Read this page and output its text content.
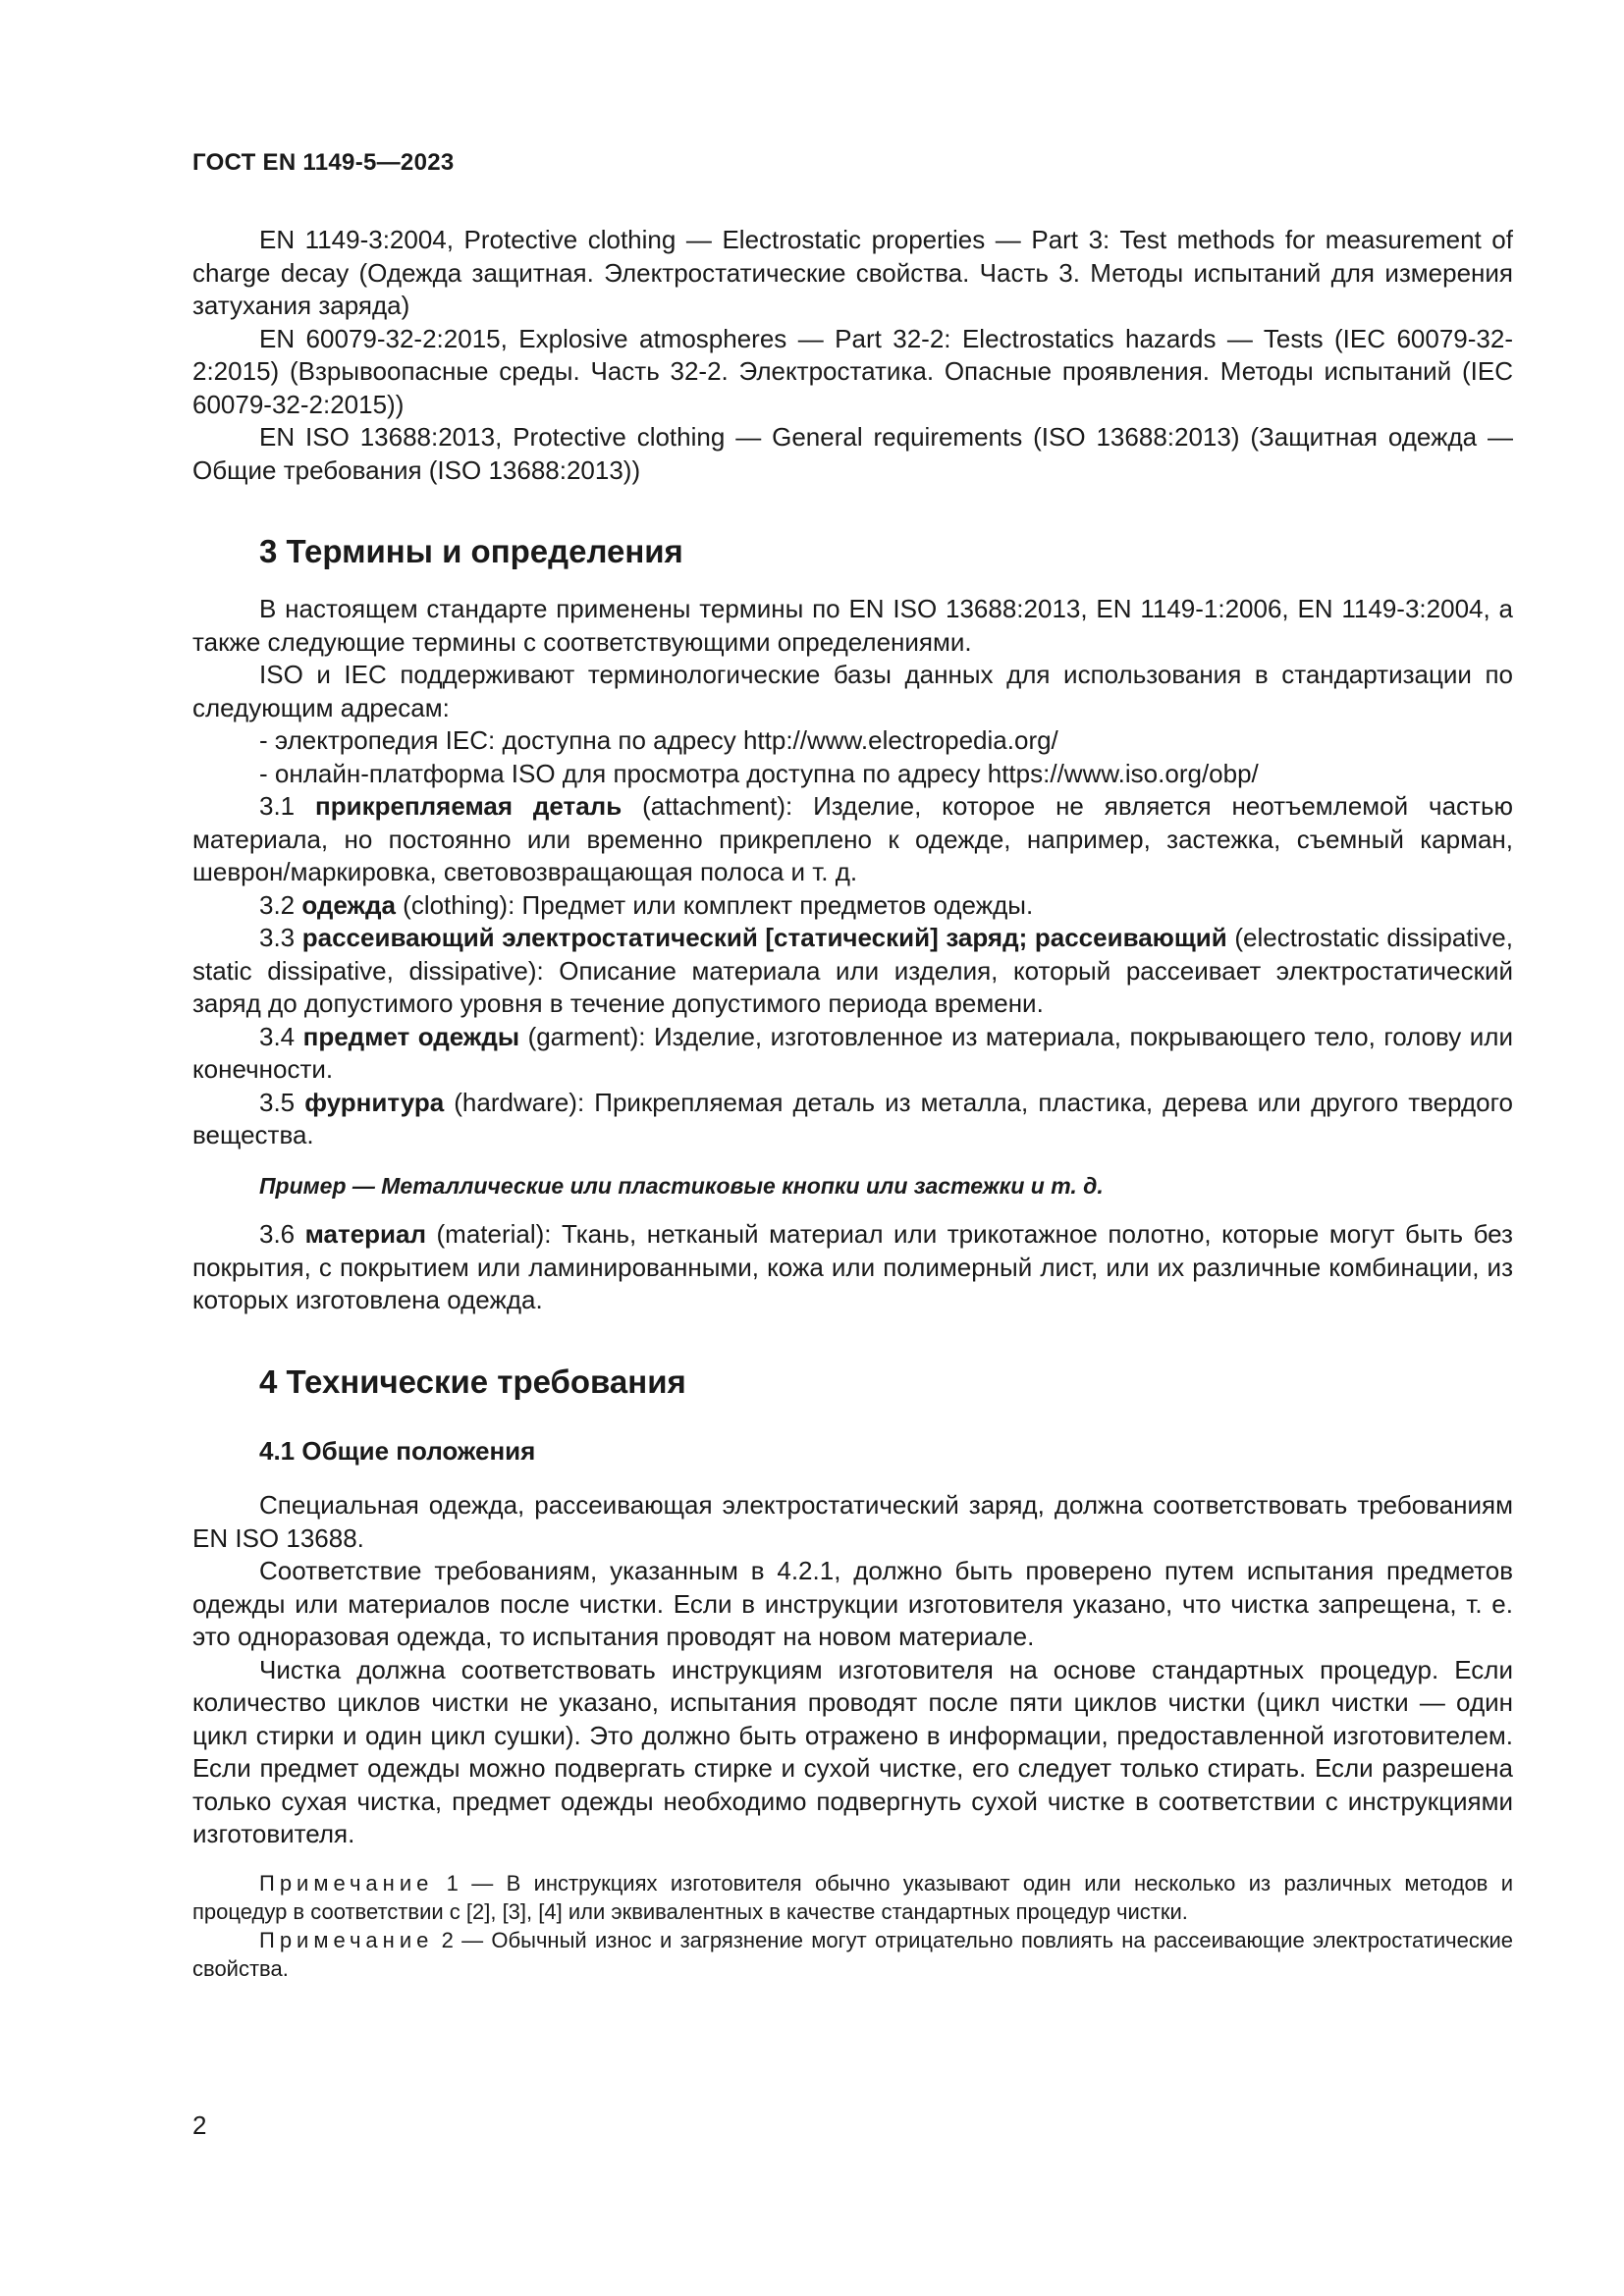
ГОСТ EN 1149-5—2023

EN 1149-3:2004, Protective clothing — Electrostatic properties — Part 3: Test methods for measurement of charge decay (Одежда защитная. Электростатические свойства. Часть 3. Методы испытаний для измерения затухания заряда)

EN 60079-32-2:2015, Explosive atmospheres — Part 32-2: Electrostatics hazards — Tests (IEC 60079-32-2:2015) (Взрывоопасные среды. Часть 32-2. Электростатика. Опасные проявления. Методы испытаний (IEC 60079-32-2:2015))

EN ISO 13688:2013, Protective clothing — General requirements (ISO 13688:2013) (Защитная одежда — Общие требования (ISO 13688:2013))

3 Термины и определения

В настоящем стандарте применены термины по EN ISO 13688:2013, EN 1149-1:2006, EN 1149-3:2004, а также следующие термины с соответствующими определениями.

ISO и IEC поддерживают терминологические базы данных для использования в стандартизации по следующим адресам:

- электропедия IEC: доступна по адресу http://www.electropedia.org/

- онлайн-платформа ISO для просмотра доступна по адресу https://www.iso.org/obp/

3.1 прикрепляемая деталь (attachment): Изделие, которое не является неотъемлемой частью материала, но постоянно или временно прикреплено к одежде, например, застежка, съемный карман, шеврон/маркировка, световозвращающая полоса и т. д.

3.2 одежда (clothing): Предмет или комплект предметов одежды.

3.3 рассеивающий электростатический [статический] заряд; рассеивающий (electrostatic dissipative, static dissipative, dissipative): Описание материала или изделия, который рассеивает электростатический заряд до допустимого уровня в течение допустимого периода времени.

3.4 предмет одежды (garment): Изделие, изготовленное из материала, покрывающего тело, голову или конечности.

3.5 фурнитура (hardware): Прикрепляемая деталь из металла, пластика, дерева или другого твердого вещества.

Пример — Металлические или пластиковые кнопки или застежки и т. д.

3.6 материал (material): Ткань, нетканый материал или трикотажное полотно, которые могут быть без покрытия, с покрытием или ламинированными, кожа или полимерный лист, или их различные комбинации, из которых изготовлена одежда.

4 Технические требования
4.1 Общие положения

Специальная одежда, рассеивающая электростатический заряд, должна соответствовать требованиям EN ISO 13688.

Соответствие требованиям, указанным в 4.2.1, должно быть проверено путем испытания предметов одежды или материалов после чистки. Если в инструкции изготовителя указано, что чистка запрещена, т. е. это одноразовая одежда, то испытания проводят на новом материале.

Чистка должна соответствовать инструкциям изготовителя на основе стандартных процедур. Если количество циклов чистки не указано, испытания проводят после пяти циклов чистки (цикл чистки — один цикл стирки и один цикл сушки). Это должно быть отражено в информации, предоставленной изготовителем. Если предмет одежды можно подвергать стирке и сухой чистке, его следует только стирать. Если разрешена только сухая чистка, предмет одежды необходимо подвергнуть сухой чистке в соответствии с инструкциями изготовителя.

Примечание 1 — В инструкциях изготовителя обычно указывают один или несколько из различных методов и процедур в соответствии с [2], [3], [4] или эквивалентных в качестве стандартных процедур чистки.

Примечание 2 — Обычный износ и загрязнение могут отрицательно повлиять на рассеивающие электростатические свойства.

2
